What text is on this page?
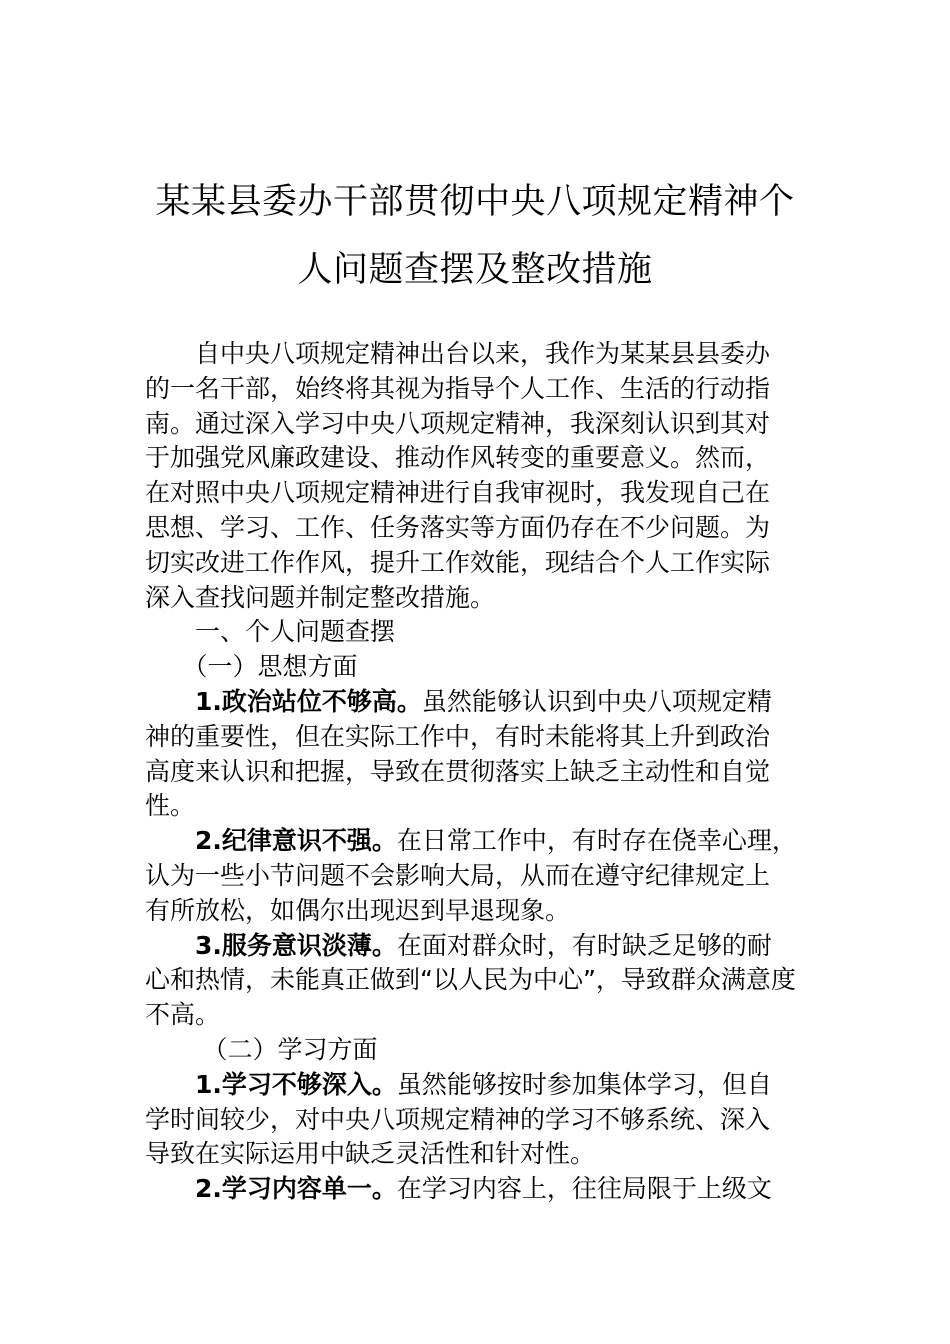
某某县委办干部贯彻中央八项规定精神个
人问题查摆及整改措施
自中央八项规定精神出台以来，我作为某某县县委办
的一名干部，始终将其视为指导个人工作、生活的行动指
南。通过深入学习中央八项规定精神，我深刻认识到其对
于加强党风廉政建设、推动作风转变的重要意义。然而，
在对照中央八项规定精神进行自我审视时，我发现自己在
思想、学习、工作、任务落实等方面仍存在不少问题。为
切实改进工作作风，提升工作效能，现结合个人工作实际
深入查找问题并制定整改措施。
一、个人问题查摆
（一）思想方面
1.政治站位不够高。虽然能够认识到中央八项规定精
神的重要性，但在实际工作中，有时未能将其上升到政治
高度来认识和把握，导致在贯彻落实上缺乏主动性和自觉
性。
2.纪律意识不强。在日常工作中，有时存在侥幸心理，
认为一些小节问题不会影响大局，从而在遵守纪律规定上
有所放松，如偶尔出现迟到早退现象。
3.服务意识淡薄。在面对群众时，有时缺乏足够的耐
心和热情，未能真正做到“以人民为中心”，导致群众满意度
不高。
（二）学习方面
1.学习不够深入。虽然能够按时参加集体学习，但自
学时间较少，对中央八项规定精神的学习不够系统、深入
导致在实际运用中缺乏灵活性和针对性。
2.学习内容单一。在学习内容上，往往局限于上级文
